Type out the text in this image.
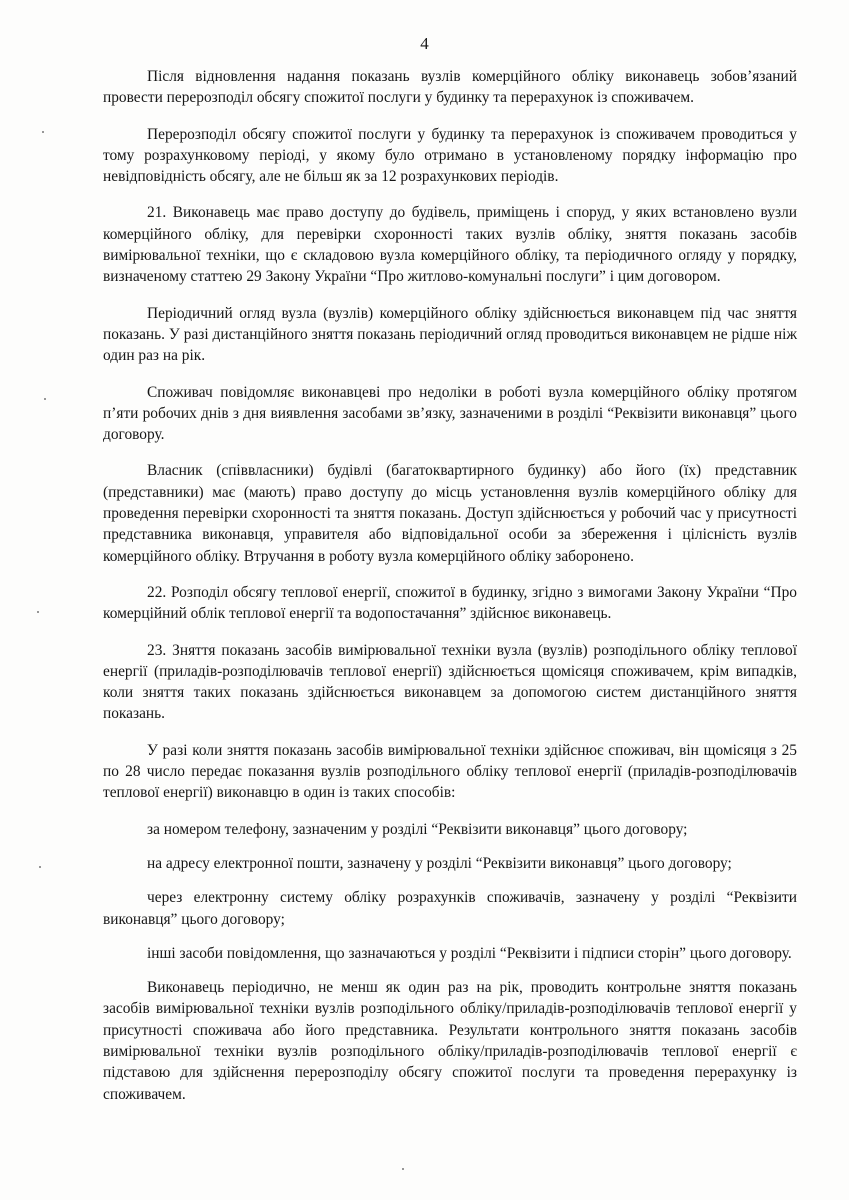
4

Після відновлення надання показань вузлів комерційного обліку виконавець зобов’язаний провести перерозподіл обсягу спожитої послуги у будинку та перерахунок із споживачем.

Перерозподіл обсягу спожитої послуги у будинку та перерахунок із споживачем проводиться у тому розрахунковому періоді, у якому було отримано в установленому порядку інформацію про невідповідність обсягу, але не більш як за 12 розрахункових періодів.

21. Виконавець має право доступу до будівель, приміщень і споруд, у яких встановлено вузли комерційного обліку, для перевірки схоронності таких вузлів обліку, зняття показань засобів вимірювальної техніки, що є складовою вузла комерційного обліку, та періодичного огляду у порядку, визначеному статтею 29 Закону України “Про житлово-комунальні послуги” і цим договором.

Періодичний огляд вузла (вузлів) комерційного обліку здійснюється виконавцем під час зняття показань. У разі дистанційного зняття показань періодичний огляд проводиться виконавцем не рідше ніж один раз на рік.

Споживач повідомляє виконавцеві про недоліки в роботі вузла комерційного обліку протягом п’яти робочих днів з дня виявлення засобами зв’язку, зазначеними в розділі “Реквізити виконавця” цього договору.

Власник (співвласники) будівлі (багатоквартирного будинку) або його (їх) представник (представники) має (мають) право доступу до місць установлення вузлів комерційного обліку для проведення перевірки схоронності та зняття показань. Доступ здійснюється у робочий час у присутності представника виконавця, управителя або відповідальної особи за збереження і цілісність вузлів комерційного обліку. Втручання в роботу вузла комерційного обліку заборонено.

22. Розподіл обсягу теплової енергії, спожитої в будинку, згідно з вимогами Закону України “Про комерційний облік теплової енергії та водопостачання” здійснює виконавець.

23. Зняття показань засобів вимірювальної техніки вузла (вузлів) розподільного обліку теплової енергії (приладів-розподілювачів теплової енергії) здійснюється щомісяця споживачем, крім випадків, коли зняття таких показань здійснюється виконавцем за допомогою систем дистанційного зняття показань.

У разі коли зняття показань засобів вимірювальної техніки здійснює споживач, він щомісяця з 25 по 28 число передає показання вузлів розподільного обліку теплової енергії (приладів-розподілювачів теплової енергії) виконавцю в один із таких способів:

за номером телефону, зазначеним у розділі “Реквізити виконавця” цього договору;

на адресу електронної пошти, зазначену у розділі “Реквізити виконавця” цього договору;

через електронну систему обліку розрахунків споживачів, зазначену у розділі “Реквізити виконавця” цього договору;

інші засоби повідомлення, що зазначаються у розділі “Реквізити і підписи сторін” цього договору.

Виконавець періодично, не менш як один раз на рік, проводить контрольне зняття показань засобів вимірювальної техніки вузлів розподільного обліку/приладів-розподілювачів теплової енергії у присутності споживача або його представника. Результати контрольного зняття показань засобів вимірювальної техніки вузлів розподільного обліку/приладів-розподілювачів теплової енергії є підставою для здійснення перерозподілу обсягу спожитої послуги та проведення перерахунку із споживачем.
